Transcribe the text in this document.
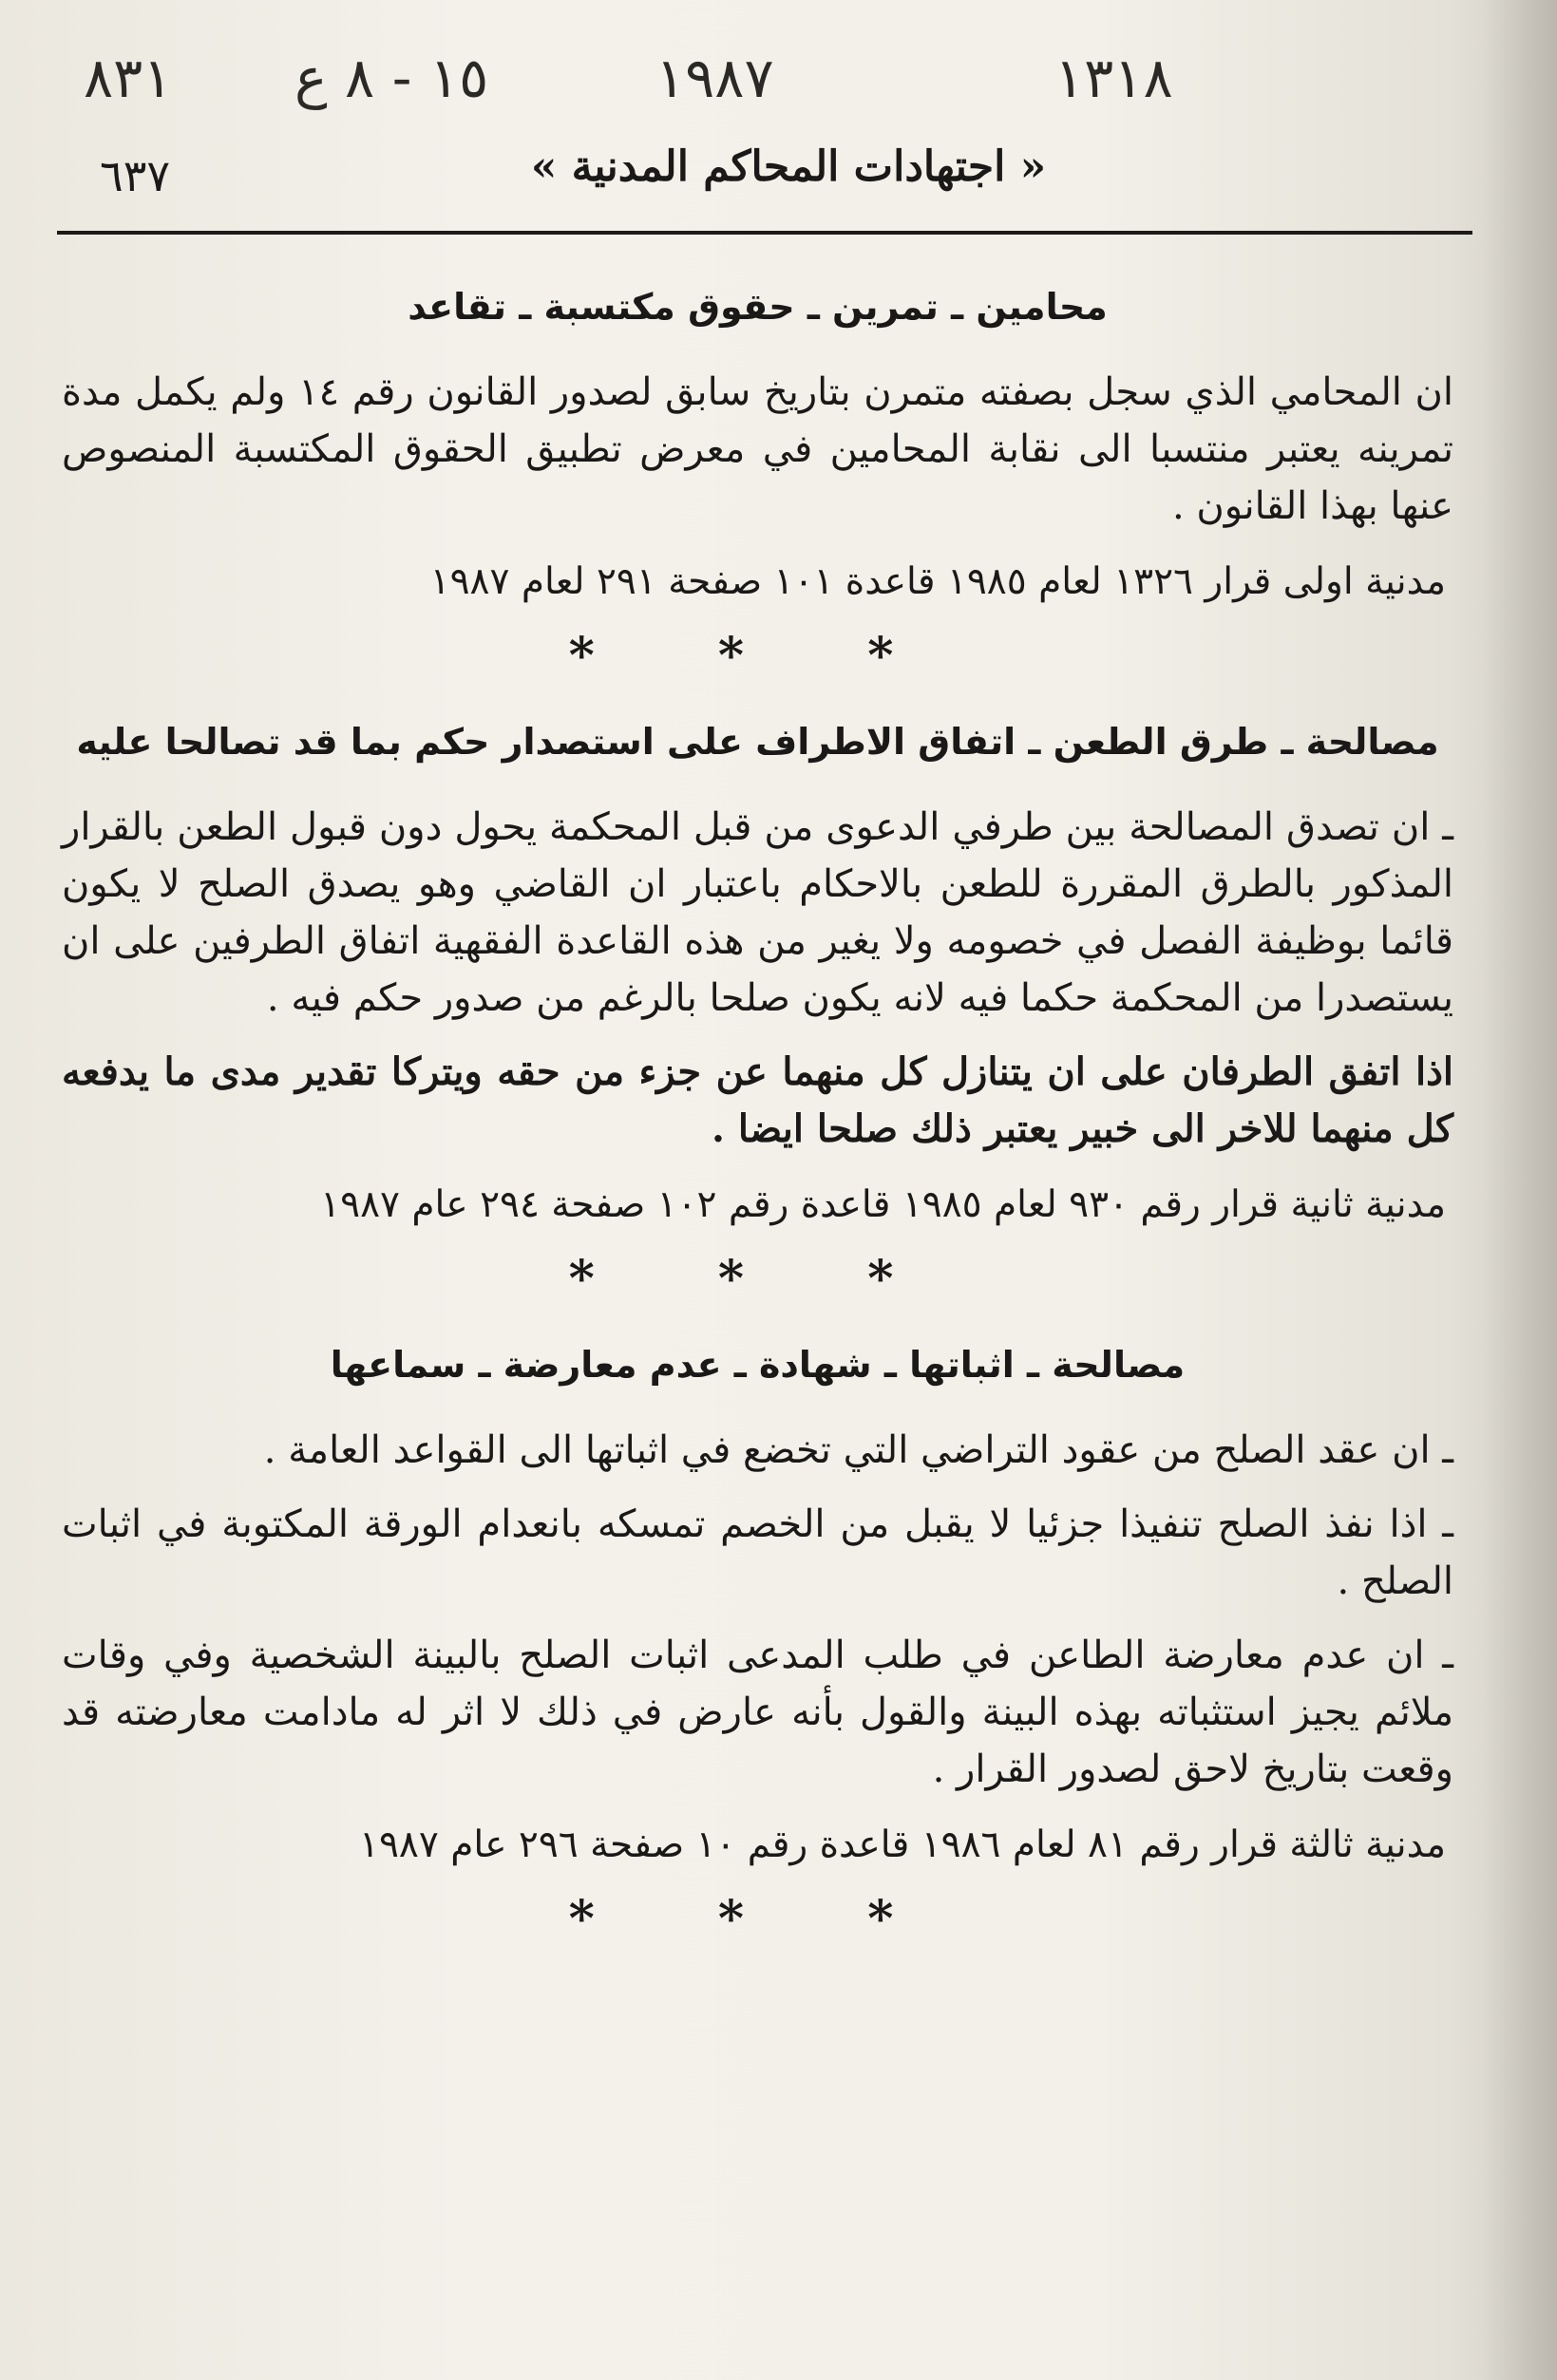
٨٣١ ١٥ - ٨ ع	١٩٨٧	١٣١٨
٦٣٧	« اجتهادات المحاكم المدنية »
محامين ـ تمرين ـ حقوق مكتسبة ـ تقاعد

ان المحامي الذي سجل بصفته متمرن بتاريخ سابق لصدور القانون رقم ١٤ ولم يكمل مدة تمرينه يعتبر منتسبا الى نقابة المحامين في معرض تطبيق الحقوق المكتسبة المنصوص عنها بهذا القانون .

مدنية اولى قرار ١٣٢٦ لعام ١٩٨٥ قاعدة ١٠١ صفحة ٢٩١ لعام ١٩٨٧
* * *
مصالحة ـ طرق الطعن ـ اتفاق الاطراف على استصدار حكم بما قد تصالحا عليه

ـ ان تصدق المصالحة بين طرفي الدعوى من قبل المحكمة يحول دون قبول الطعن بالقرار المذكور بالطرق المقررة للطعن بالاحكام باعتبار ان القاضي وهو يصدق الصلح لا يكون قائما بوظيفة الفصل في خصومه ولا يغير من هذه القاعدة الفقهية اتفاق الطرفين على ان يستصدرا من المحكمة حكما فيه لانه يكون صلحا بالرغم من صدور حكم فيه .

اذا اتفق الطرفان على ان يتنازل كل منهما عن جزء من حقه ويتركا تقدير مدى ما يدفعه كل منهما للاخر الى خبير يعتبر ذلك صلحا ايضا .

مدنية ثانية قرار رقم ٩٣٠ لعام ١٩٨٥ قاعدة رقم ١٠٢ صفحة ٢٩٤ عام ١٩٨٧
* * *
مصالحة ـ اثباتها ـ شهادة ـ عدم معارضة ـ سماعها

ـ ان عقد الصلح من عقود التراضي التي تخضع في اثباتها الى القواعد العامة .

ـ اذا نفذ الصلح تنفيذا جزئيا لا يقبل من الخصم تمسكه بانعدام الورقة المكتوبة في اثبات الصلح .

ـ ان عدم معارضة الطاعن في طلب المدعى اثبات الصلح بالبينة الشخصية وفي وقات ملائم يجيز استثباته بهذه البينة والقول بأنه عارض في ذلك لا اثر له مادامت معارضته قد وقعت بتاريخ لاحق لصدور القرار .

مدنية ثالثة قرار رقم ٨١ لعام ١٩٨٦ قاعدة رقم ١٠ صفحة ٢٩٦ عام ١٩٨٧
* * *
